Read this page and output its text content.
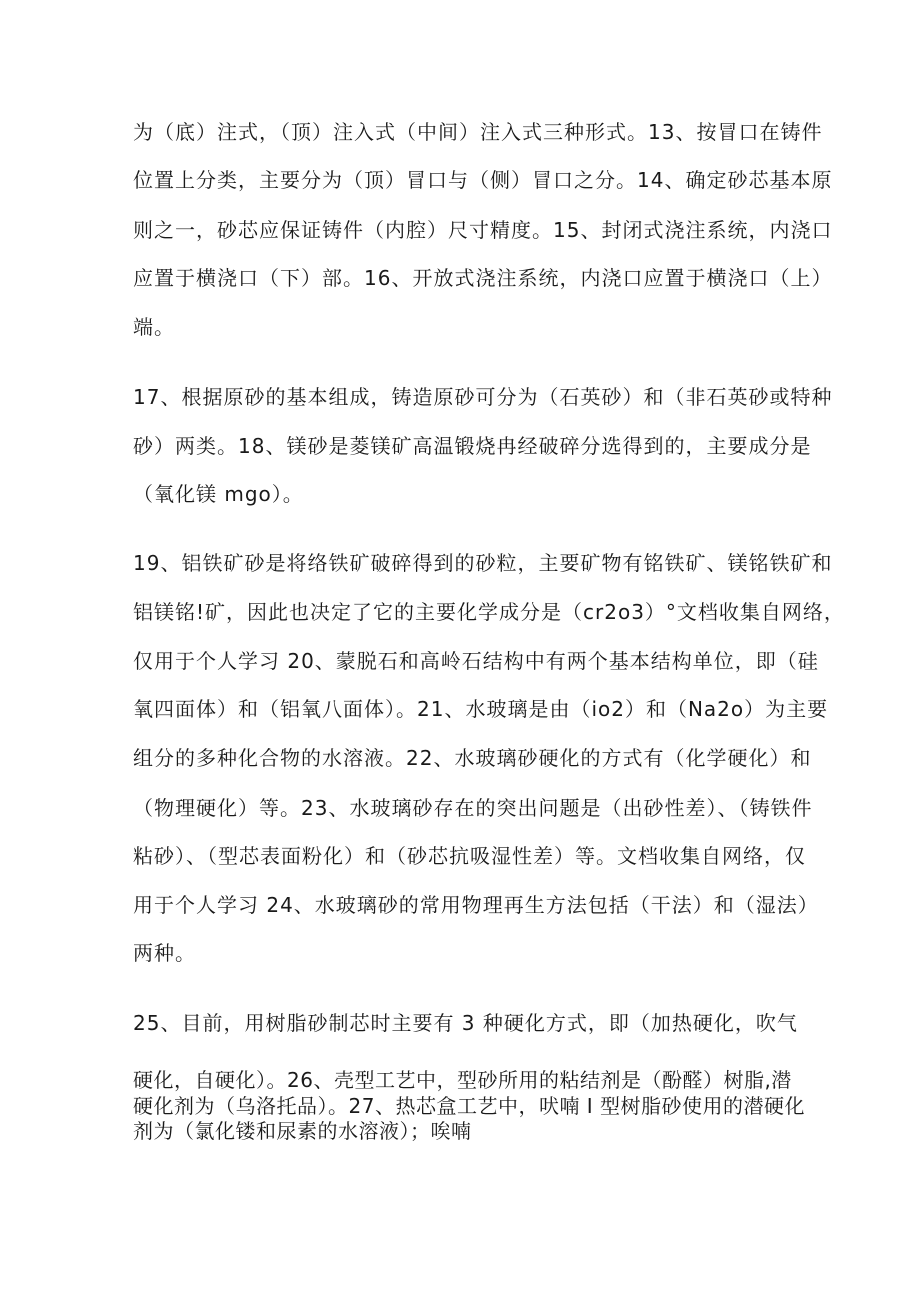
为（底）注式，（顶）注入式（中间）注入式三种形式。13、按冒口在铸件
位置上分类，主要分为（顶）冒口与（侧）冒口之分。14、确定砂芯基本原
则之一，砂芯应保证铸件（内腔）尺寸精度。15、封闭式浇注系统，内浇口
应置于横浇口（下）部。16、开放式浇注系统，内浇口应置于横浇口（上）
端。
17、根据原砂的基本组成，铸造原砂可分为（石英砂）和（非石英砂或特种
砂）两类。18、镁砂是菱镁矿高温锻烧冉经破碎分选得到的，主要成分是
（氧化镁 mgo）。
19、铝铁矿砂是将络铁矿破碎得到的砂粒，主要矿物有铭铁矿、镁铭铁矿和
铝镁铭!矿，因此也决定了它的主要化学成分是（cr2o3）°文档收集自网络，
仅用于个人学习 20、蒙脱石和高岭石结构中有两个基本结构单位，即（硅
氧四面体）和（铝氧八面体）。21、水玻璃是由（io2）和（Na2o）为主要
组分的多种化合物的水溶液。22、水玻璃砂硬化的方式有（化学硬化）和
（物理硬化）等。23、水玻璃砂存在的突出问题是（出砂性差）、（铸铁件
粘砂）、（型芯表面粉化）和（砂芯抗吸湿性差）等。文档收集自网络，仅
用于个人学习 24、水玻璃砂的常用物理再生方法包括（干法）和（湿法）
两种。
25、目前，用树脂砂制芯时主要有 3 种硬化方式，即（加热硬化，吹气
硬化，自硬化）。26、壳型工艺中，型砂所用的粘结剂是（酚醛）树脂,潜
硬化剂为（乌洛托品）。27、热芯盒工艺中，吠喃 I 型树脂砂使用的潜硬化
剂为（氯化镂和尿素的水溶液）；唉喃
